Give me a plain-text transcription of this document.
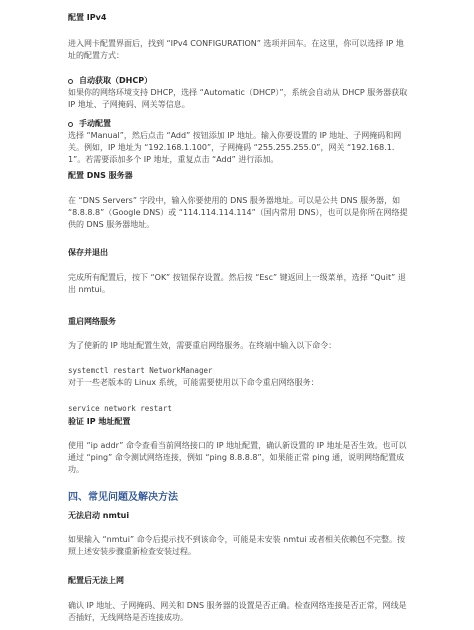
配置 IPv4
进入网卡配置界面后，找到 “IPv4 CONFIGURATION” 选项并回车。在这里，你可以选择 IP 地址的配置方式：
自动获取（DHCP）
如果你的网络环境支持 DHCP，选择 “Automatic（DHCP）”，系统会自动从 DHCP 服务器获取 IP 地址、子网掩码、网关等信息。
手动配置
选择 “Manual”，然后点击 “Add” 按钮添加 IP 地址。输入你要设置的 IP 地址、子网掩码和网关。例如，IP 地址为 “192.168.1.100”，子网掩码 “255.255.255.0”，网关 “192.168.1.1”。若需要添加多个 IP 地址，重复点击 “Add” 进行添加。
配置 DNS 服务器
在 “DNS Servers” 字段中，输入你要使用的 DNS 服务器地址。可以是公共 DNS 服务器，如 “8.8.8.8”（Google DNS）或 “114.114.114.114”（国内常用 DNS），也可以是你所在网络提供的 DNS 服务器地址。
保存并退出
完成所有配置后，按下 “OK” 按钮保存设置。然后按 “Esc” 键返回上一级菜单，选择 “Quit” 退出 nmtui。
重启网络服务
为了使新的 IP 地址配置生效，需要重启网络服务。在终端中输入以下命令：
systemctl restart NetworkManager
对于一些老版本的 Linux 系统，可能需要使用以下命令重启网络服务：
service network restart
验证 IP 地址配置
使用 “ip addr” 命令查看当前网络接口的 IP 地址配置，确认新设置的 IP 地址是否生效。也可以通过 “ping” 命令测试网络连接，例如 “ping 8.8.8.8”，如果能正常 ping 通，说明网络配置成功。
四、常见问题及解决方法
无法启动 nmtui
如果输入 “nmtui” 命令后提示找不到该命令，可能是未安装 nmtui 或者相关依赖包不完整。按照上述安装步骤重新检查安装过程。
配置后无法上网
确认 IP 地址、子网掩码、网关和 DNS 服务器的设置是否正确。检查网络连接是否正常，网线是否插好，无线网络是否连接成功。
